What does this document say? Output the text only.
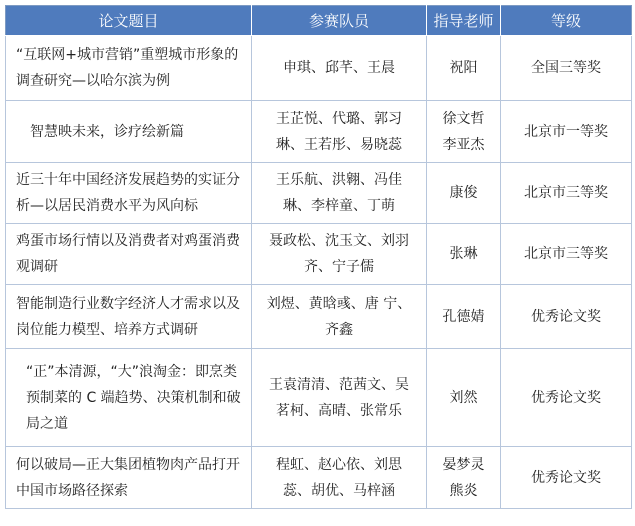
论文题目	参赛队员	指导老师	等级
“互联网+城市营销”重塑城市形象的调查研究—以哈尔滨为例	申琪、邱芊、王晨	祝阳	全国三等奖
智慧映未来，诊疗绘新篇	王芷悦、代璐、郭习琳、王若彤、易晓蕊	徐文哲李亚杰	北京市一等奖
近三十年中国经济发展趋势的实证分析—以居民消费水平为风向标	王乐航、洪翱、冯佳琳、李梓童、丁萌	康俊	北京市三等奖
鸡蛋市场行情以及消费者对鸡蛋消费观调研	聂政松、沈玉文、刘羽齐、宁子儒	张琳	北京市三等奖
智能制造行业数字经济人才需求以及岗位能力模型、培养方式调研	刘煜、黄晗彧、唐 宁、齐鑫	孔德婧	优秀论文奖
“正”本清源，“大”浪淘金：即烹类预制菜的 C 端趋势、决策机制和破局之道	王袁清清、范茜文、吴茗柯、高晴、张常乐	刘然	优秀论文奖
何以破局—正大集团植物肉产品打开中国市场路径探索	程虹、赵心依、刘思蕊、胡优、马梓涵	晏梦灵熊炎	优秀论文奖
